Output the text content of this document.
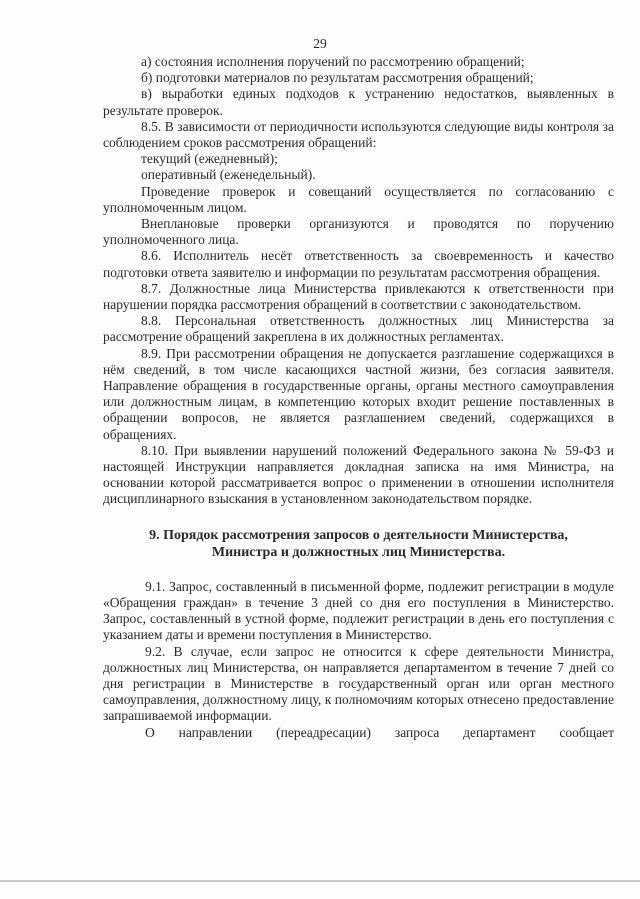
29

а) состояния исполнения поручений по рассмотрению обращений;

б) подготовки материалов по результатам рассмотрения обращений;

в) выработки единых подходов к устранению недостатков, выявленных в результате проверок.

8.5. В зависимости от периодичности используются следующие виды контроля за соблюдением сроков рассмотрения обращений:

текущий (ежедневный);

оперативный (еженедельный).

Проведение проверок и совещаний осуществляется по согласованию с уполномоченным лицом.

Внеплановые проверки организуются и проводятся по поручению уполномоченного лица.

8.6. Исполнитель несёт ответственность за своевременность и качество подготовки ответа заявителю и информации по результатам рассмотрения обращения.

8.7. Должностные лица Министерства привлекаются к ответственности при нарушении порядка рассмотрения обращений в соответствии с законодательством.

8.8. Персональная ответственность должностных лиц Министерства за рассмотрение обращений закреплена в их должностных регламентах.

8.9. При рассмотрении обращения не допускается разглашение содержащихся в нём сведений, в том числе касающихся частной жизни, без согласия заявителя. Направление обращения в государственные органы, органы местного самоуправления или должностным лицам, в компетенцию которых входит решение поставленных в обращении вопросов, не является разглашением сведений, содержащихся в обращениях.

8.10. При выявлении нарушений положений Федерального закона № 59-ФЗ и настоящей Инструкции направляется докладная записка на имя Министра, на основании которой рассматривается вопрос о применении в отношении исполнителя дисциплинарного взыскания в установленном законодательством порядке.

9. Порядок рассмотрения запросов о деятельности Министерства,
Министра и должностных лиц Министерства.

9.1. Запрос, составленный в письменной форме, подлежит регистрации в модуле «Обращения граждан» в течение 3 дней со дня его поступления в Министерство. Запрос, составленный в устной форме, подлежит регистрации в день его поступления с указанием даты и времени поступления в Министерство.

9.2. В случае, если запрос не относится к сфере деятельности Министра, должностных лиц Министерства, он направляется департаментом в течение 7 дней со дня регистрации в Министерстве в государственный орган или орган местного самоуправления, должностному лицу, к полномочиям которых отнесено предоставление запрашиваемой информации.

О направлении (переадресации) запроса департамент сообщает
